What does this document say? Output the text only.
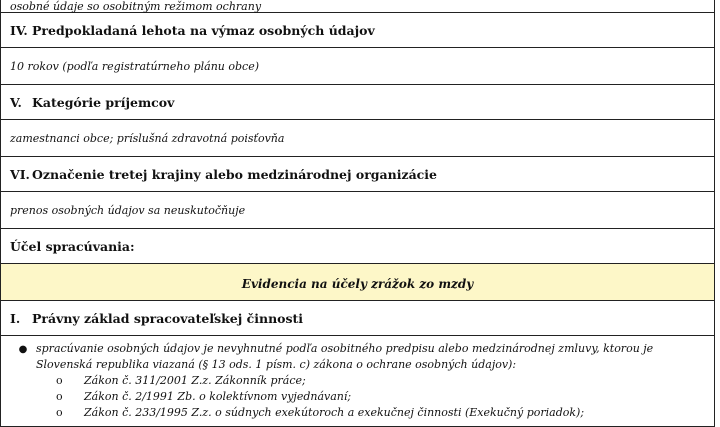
osobné údaje so osobitným režimom ochrany
IV. Predpokladaná lehota na výmaz osobných údajov
10 rokov (podľa registratúrneho plánu obce)
V. Kategórie príjemcov
zamestnanci obce; príslušná zdravotná poisťovňa
VI. Označenie tretej krajiny alebo medzinárodnej organizácie
prenos osobných údajov sa neuskutočňuje
Účel spracúvania:
Evidencia na účely zrážok zo mzdy
I. Právny základ spracovateľskej činnosti

● spracúvanie osobných údajov je nevyhnutné podľa osobitného predpisu alebo medzinárodnej zmluvy, ktorou je Slovenská republika viazaná (§ 13 ods. 1 písm. c) zákona o ochrane osobných údajov):
o	Zákon č. 311/2001 Z.z. Zákonník práce;
o	Zákon č. 2/1991 Zb. o kolektívnom vyjednávaní;
o	Zákon č. 233/1995 Z.z. o súdnych exekútoroch a exekučnej činnosti (Exekučný poriadok);
